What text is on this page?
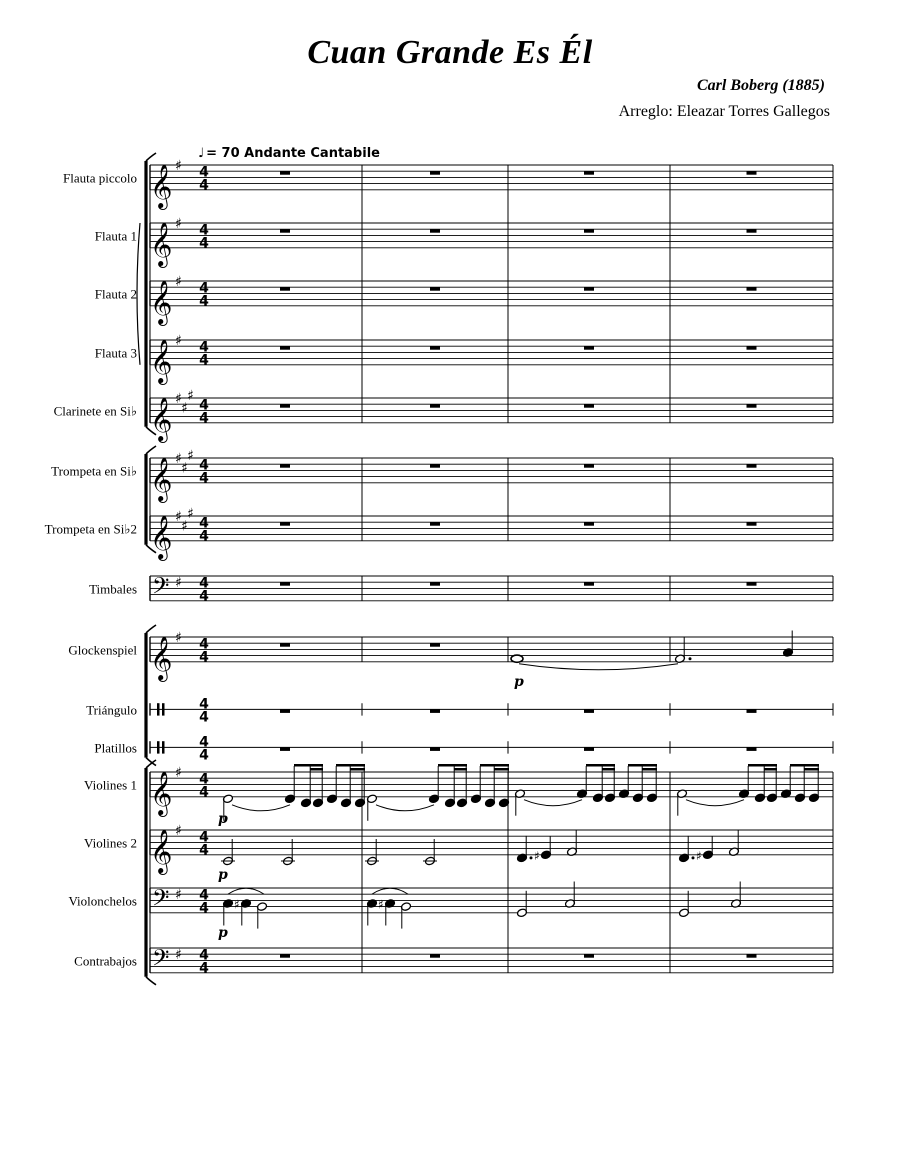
Cuan Grande Es Él
Carl Boberg (1885)
Arreglo: Eleazar Torres Gallegos
Flauta piccolo 𝄞 ♯ 4
4
Flauta 1 𝄞 ♯ 4
4
Flauta 2 𝄞 ♯ 4
4
Flauta 3 𝄞 ♯ 4
4
Clarinete en Si♭ 𝄞 ♯
♯
♯
4
4
Trompeta en Si♭ 𝄞 ♯
♯
♯
4
4
Trompeta en Si♭2 𝄞 ♯
♯
♯
4
4
Timbales 𝄢 ♯ 4
4
Glockenspiel 𝄞 ♯ 4
4
Triángulo	4
4
Platillos	4
4
Violines 1 𝄞 ♯ 4
4
Violines 2 𝄞 ♯ 4
4
Violonchelos 𝄢 ♯ 4
4
Contrabajos 𝄢 ♯ 4
4
p
p
♯	♯
p
♯	♯
p
♩ = 70 Andante Cantabile
